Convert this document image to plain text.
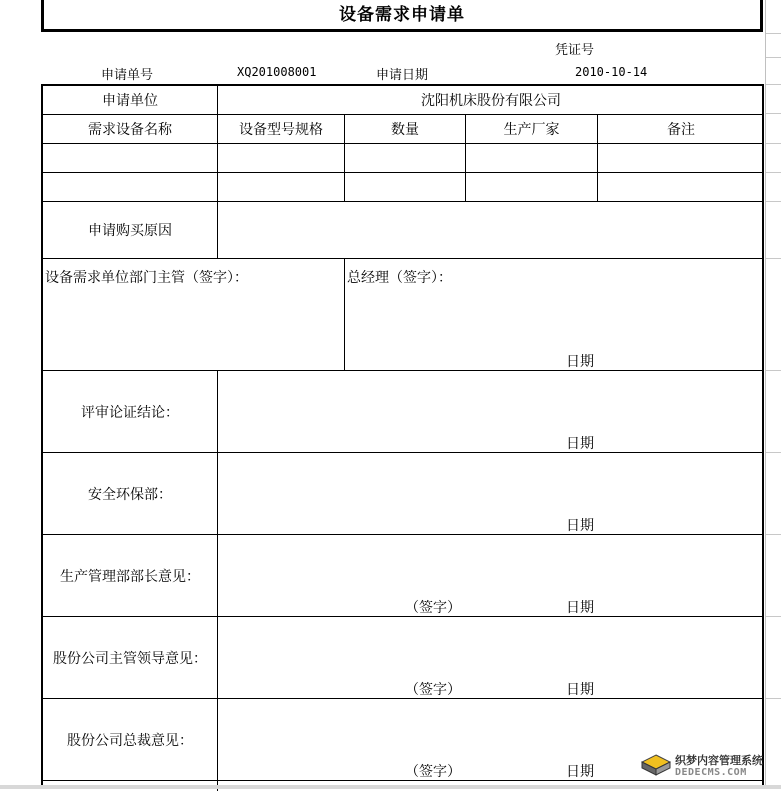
设备需求申请单
凭证号
申请单号	XQ201008001	申请日期	2010-10-14
申请单位	沈阳机床股份有限公司
需求设备名称	设备型号规格	数量	生产厂家	备注
申请购买原因
设备需求单位部门主管（签字）：	总经理（签字）：
日期
评审论证结论：
日期
安全环保部：
日期
生产管理部部长意见：
（签字）	日期
股份公司主管领导意见：
（签字）	日期
股份公司总裁意见：
（签字）	日期
织梦内容管理系统
DEDECMS.COM
